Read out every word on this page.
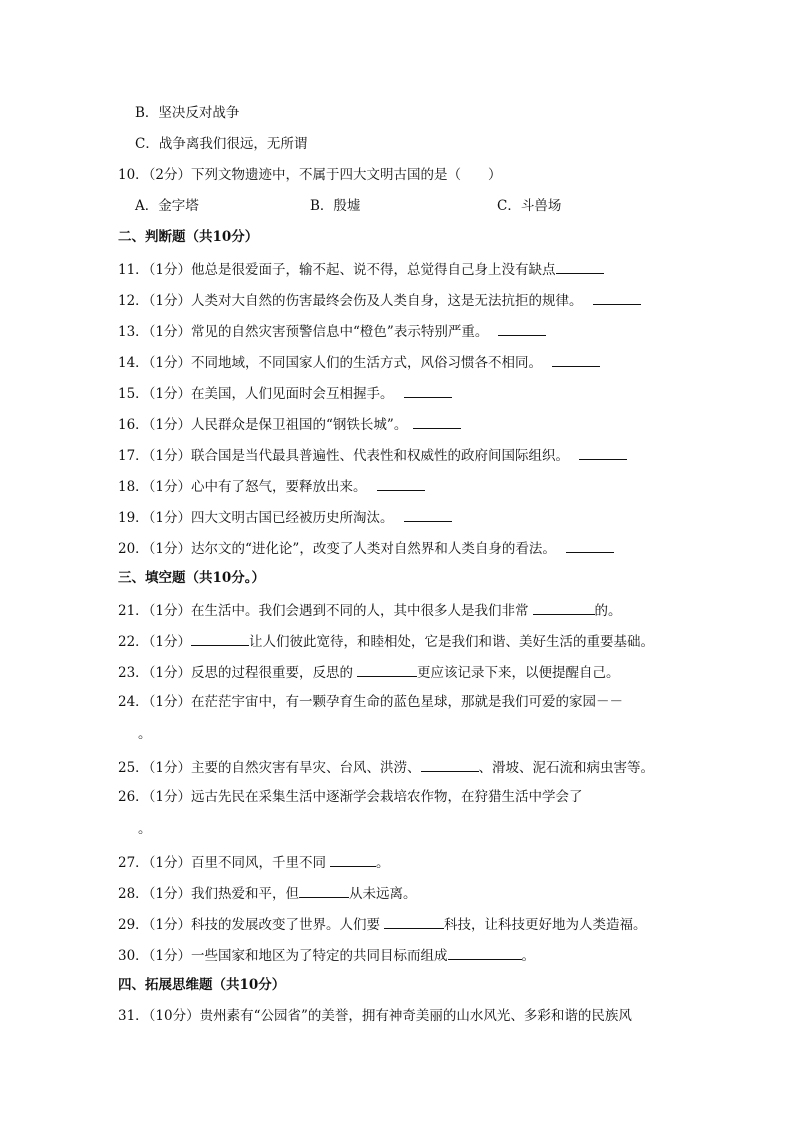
B．坚决反对战争
C．战争离我们很远，无所谓
10．（2分）下列文物遗迹中，不属于四大文明古国的是（　　）
A．金字塔	B．殷墟	C．斗兽场
二、判断题（共10分）
11．（1分）他总是很爱面子，输不起、说不得，总觉得自己身上没有缺点
12．（1分）人类对大自然的伤害最终会伤及人类自身，这是无法抗拒的规律。
13．（1分）常见的自然灾害预警信息中“橙色”表示特别严重。
14．（1分）不同地域，不同国家人们的生活方式，风俗习惯各不相同。
15．（1分）在美国，人们见面时会互相握手。
16．（1分）人民群众是保卫祖国的“钢铁长城”。
17．（1分）联合国是当代最具普遍性、代表性和权威性的政府间国际组织。
18．（1分）心中有了怒气，要释放出来。
19．（1分）四大文明古国已经被历史所淘汰。
20．（1分）达尔文的“进化论”，改变了人类对自然界和人类自身的看法。
三、填空题（共10分。）
21．（1分）在生活中。我们会遇到不同的人，其中很多人是我们非常	的。
22．（1分）	让人们彼此宽待，和睦相处，它是我们和谐、美好生活的重要基础。
23．（1分）反思的过程很重要，反思的	更应该记录下来，以便提醒自己。
24．（1分）在茫茫宇宙中，有一颗孕育生命的蓝色星球，那就是我们可爱的家园－－
。
25．（1分）主要的自然灾害有旱灾、台风、洪涝、	、滑坡、泥石流和病虫害等。
26．（1分）远古先民在采集生活中逐渐学会栽培农作物，在狩猎生活中学会了
。
27．（1分）百里不同风，千里不同	。
28．（1分）我们热爱和平，但	从未远离。
29．（1分）科技的发展改变了世界。人们要	科技，让科技更好地为人类造福。
30．（1分）一些国家和地区为了特定的共同目标而组成	。
四、拓展思维题（共10分）
31．（10分）贵州素有“公园省”的美誉，拥有神奇美丽的山水风光、多彩和谐的民族风
